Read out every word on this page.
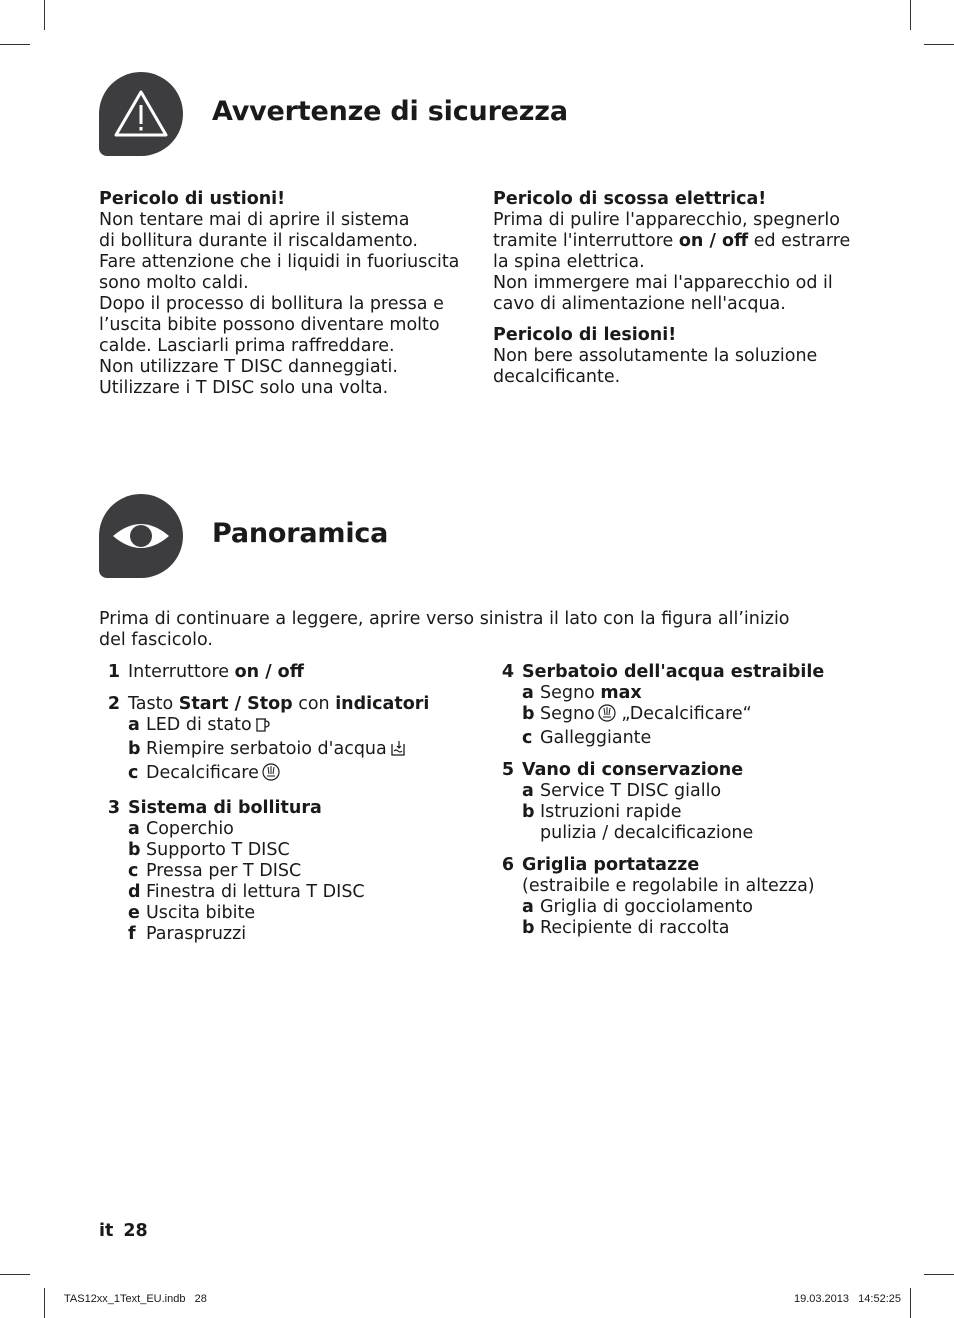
Avvertenze di sicurezza
Pericolo di ustioni!
Non tentare mai di aprire il sistema
di bollitura durante il riscaldamento.
Fare attenzione che i liquidi in fuoriuscita
sono molto caldi.
Dopo il processo di bollitura la pressa e
l’uscita bibite possono diventare molto
calde. Lasciarli prima raffreddare.
Non utilizzare T DISC danneggiati.
Utilizzare i T DISC solo una volta.
Pericolo di scossa elettrica!
Prima di pulire l'apparecchio, spegnerlo
tramite l'interruttore on / off ed estrarre
la spina elettrica.
Non immergere mai l'apparecchio od il
cavo di alimentazione nell'acqua.
Pericolo di lesioni!
Non bere assolutamente la soluzione
decalcificante.
Panoramica
Prima di continuare a leggere, aprire verso sinistra il lato con la figura all’inizio
del fascicolo.
1 Interruttore on / off
2 Tasto Start / Stop con indicatori
a LED di stato
b Riempire serbatoio d'acqua
c Decalcificare
3 Sistema di bollitura
a Coperchio
b Supporto T DISC
c Pressa per T DISC
d Finestra di lettura T DISC
e Uscita bibite
f Paraspruzzi
4 Serbatoio dell'acqua estraibile
a Segno max
b Segno „Decalcificare“
c Galleggiante
5 Vano di conservazione
a Service T DISC giallo
b Istruzioni rapide
pulizia / decalcificazione
6 Griglia portatazze
(estraibile e regolabile in altezza)
a Griglia di gocciolamento
b Recipiente di raccolta
it 28
TAS12xx_1Text_EU.indb   28	19.03.2013   14:52:25
